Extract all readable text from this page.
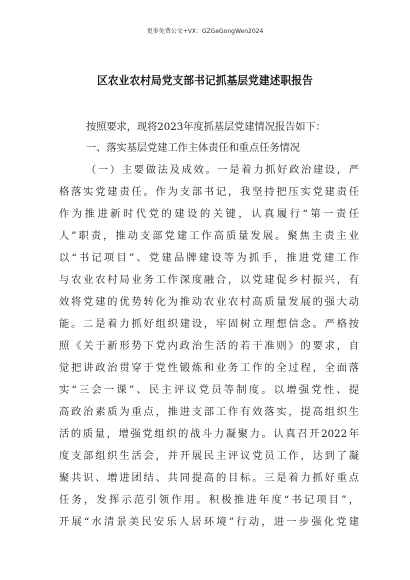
更多免费公文+VX：GZGeGongWen2024
区农业农村局党支部书记抓基层党建述职报告
按照要求，现将2023年度抓基层党建情况报告如下：
一、落实基层党建工作主体责任和重点任务情况
（一）主要做法及成效。一是着力抓好政治建设，严
格落实党建责任。作为支部书记，我坚持把压实党建责任
作为推进新时代党的建设的关键，认真履行“第一责任
人”职责，推动支部党建工作高质量发展。聚焦主责主业
以“书记项目”、党建品牌建设等为抓手，推进党建工作
与农业农村局业务工作深度融合，以党建促乡村振兴，有
效将党建的优势转化为推动农业农村高质量发展的强大动
能。二是着力抓好组织建设，牢固树立理想信念。严格按
照《关于新形势下党内政治生活的若干准则》的要求，自
觉把讲政治贯穿于党性锻炼和业务工作的全过程，全面落
实“三会一课”、民主评议党员等制度。以增强党性、提
高政治素质为重点，推进支部工作有效落实，提高组织生
活的质量，增强党组织的战斗力凝聚力。认真召开2022年
度支部组织生活会，并开展民主评议党员工作，达到了凝
聚共识、增进团结、共同提高的目标。三是着力抓好重点
任务，发挥示范引领作用。积极推进年度“书记项目”，
开展“水清景美民安乐人居环境”行动，进一步强化党建
